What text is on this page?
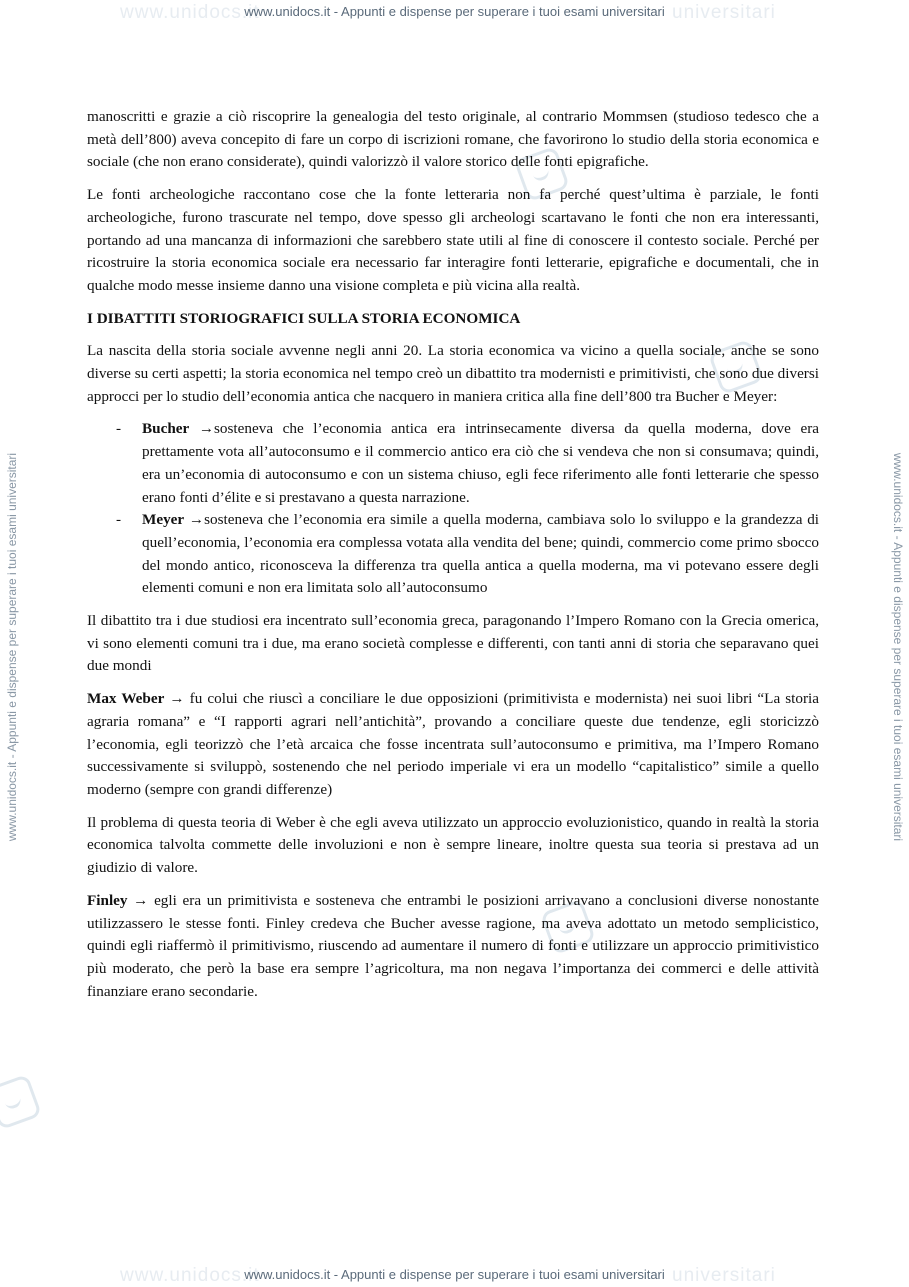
www.unidocs.it	universitari
www.unidocs.it - Appunti e dispense per superare i tuoi esami universitari
www.unidocs.it	universitari
www.unidocs.it - Appunti e dispense per superare i tuoi esami universitari
www.unidocs.it - Appunti e dispense per superare i tuoi esami universitari	www.unidocs.it - Appunti e dispense per superare i tuoi esami universitari

manoscritti e grazie a ciò riscoprire la genealogia del testo originale, al contrario Mommsen (studioso tedesco che a metà dell’800) aveva concepito di fare un corpo di iscrizioni romane, che favorirono lo studio della storia economica e sociale (che non erano considerate), quindi valorizzò il valore storico delle fonti epigrafiche.

Le fonti archeologiche raccontano cose che la fonte letteraria non fa perché quest’ultima è parziale, le fonti archeologiche, furono trascurate nel tempo, dove spesso gli archeologi scartavano le fonti che non era interessanti, portando ad una mancanza di informazioni che sarebbero state utili al fine di conoscere il contesto sociale. Perché per ricostruire la storia economica sociale era necessario far interagire fonti letterarie, epigrafiche e documentali, che in qualche modo messe insieme danno una visione completa e più vicina alla realtà.

I DIBATTITI STORIOGRAFICI SULLA STORIA ECONOMICA

La nascita della storia sociale avvenne negli anni 20. La storia economica va vicino a quella sociale, anche se sono diverse su certi aspetti; la storia economica nel tempo creò un dibattito tra modernisti e primitivisti, che sono due diversi approcci per lo studio dell’economia antica che nacquero in maniera critica alla fine dell’800 tra Bucher e Meyer:

- Bucher →sosteneva che l’economia antica era intrinsecamente diversa da quella moderna, dove era prettamente vota all’autoconsumo e il commercio antico era ciò che si vendeva che non si consumava; quindi, era un’economia di autoconsumo e con un sistema chiuso, egli fece riferimento alle fonti letterarie che spesso erano fonti d’élite e si prestavano a questa narrazione.
- Meyer →sosteneva che l’economia era simile a quella moderna, cambiava solo lo sviluppo e la grandezza di quell’economia, l’economia era complessa votata alla vendita del bene; quindi, commercio come primo sbocco del mondo antico, riconosceva la differenza tra quella antica a quella moderna, ma vi potevano essere degli elementi comuni e non era limitata solo all’autoconsumo

Il dibattito tra i due studiosi era incentrato sull’economia greca, paragonando l’Impero Romano con la Grecia omerica, vi sono elementi comuni tra i due, ma erano società complesse e differenti, con tanti anni di storia che separavano quei due mondi

Max Weber → fu colui che riuscì a conciliare le due opposizioni (primitivista e modernista) nei suoi libri “La storia agraria romana” e “I rapporti agrari nell’antichità”, provando a conciliare queste due tendenze, egli storicizzò l’economia, egli teorizzò che l’età arcaica che fosse incentrata sull’autoconsumo e primitiva, ma l’Impero Romano successivamente si sviluppò, sostenendo che nel periodo imperiale vi era un modello “capitalistico” simile a quello moderno (sempre con grandi differenze)

Il problema di questa teoria di Weber è che egli aveva utilizzato un approccio evoluzionistico, quando in realtà la storia economica talvolta commette delle involuzioni e non è sempre lineare, inoltre questa sua teoria si prestava ad un giudizio di valore.

Finley → egli era un primitivista e sosteneva che entrambi le posizioni arrivavano a conclusioni diverse nonostante utilizzassero le stesse fonti. Finley credeva che Bucher avesse ragione, ma aveva adottato un metodo semplicistico, quindi egli riaffermò il primitivismo, riuscendo ad aumentare il numero di fonti e utilizzare un approccio primitivistico più moderato, che però la base era sempre l’agricoltura, ma non negava l’importanza dei commerci e delle attività finanziare erano secondarie.
